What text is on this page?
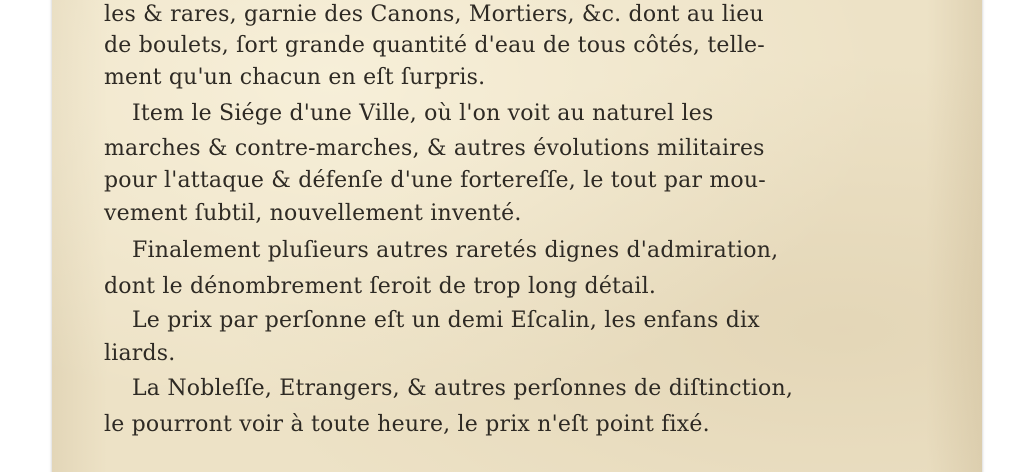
les & rares, garnie des Canons, Mortiers, &c. dont au lieu
de boulets, ſort grande quantité d'eau de tous côtés, telle-
ment qu'un chacun en eſt ſurpris.
Item le Siége d'une Ville, où l'on voit au naturel les
marches & contre-marches, & autres évolutions militaires
pour l'attaque & défenſe d'une fortereſſe, le tout par mou-
vement ſubtil, nouvellement inventé.
Finalement pluſieurs autres raretés dignes d'admiration,
dont le dénombrement ſeroit de trop long détail.
Le prix par perſonne eſt un demi Eſcalin, les enfans dix
liards.
La Nobleſſe, Etrangers, & autres perſonnes de diſtinction,
le pourront voir à toute heure, le prix n'eſt point fixé.
